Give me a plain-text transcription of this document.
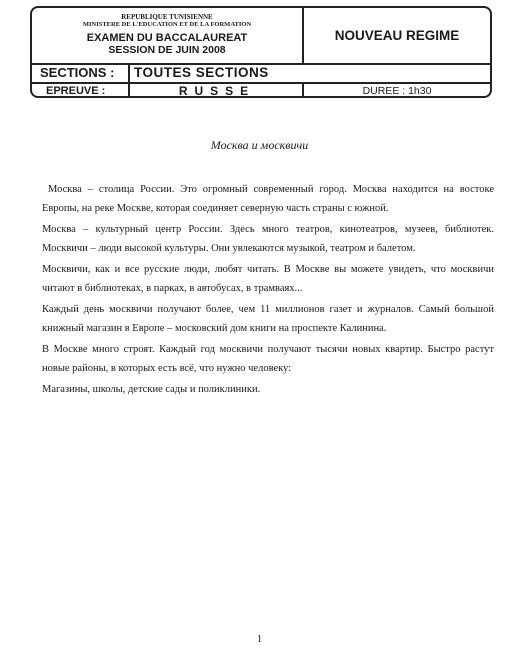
REPUBLIQUE TUNISIENNE
MINISTERE DE L'EDUCATION ET DE LA FORMATION
EXAMEN DU BACCALAUREAT
SESSION DE JUIN 2008
NOUVEAU REGIME
SECTIONS :	TOUTES SECTIONS
EPREUVE :	RUSSE	DUREE : 1h30
Москва и москвичи

Москва – столица России. Это огромный современный город. Москва находится на востоке Европы, на реке Москве, которая соединяет северную часть страны с южной.

Москва – культурный центр России. Здесь много театров, кинотеатров, музеев, библиотек. Москвичи – люди высокой культуры. Они увлекаются музыкой, театром и балетом.

Москвичи, как и все русские люди, любят читать. В Москве вы можете увидеть, что москвичи читают в библиотеках, в парках, в автобусах, в трамваях...

Каждый день москвичи получают более, чем 11 миллионов газет и журналов. Самый большой книжный магазин в Европе – московский дом книги на проспекте Калинина.

В Москве много строят. Каждый год москвичи получают тысячи новых квартир. Быстро растут новые районы, в которых есть всё, что нужно человеку:

Магазины, школы, детские сады и поликлиники.

1
